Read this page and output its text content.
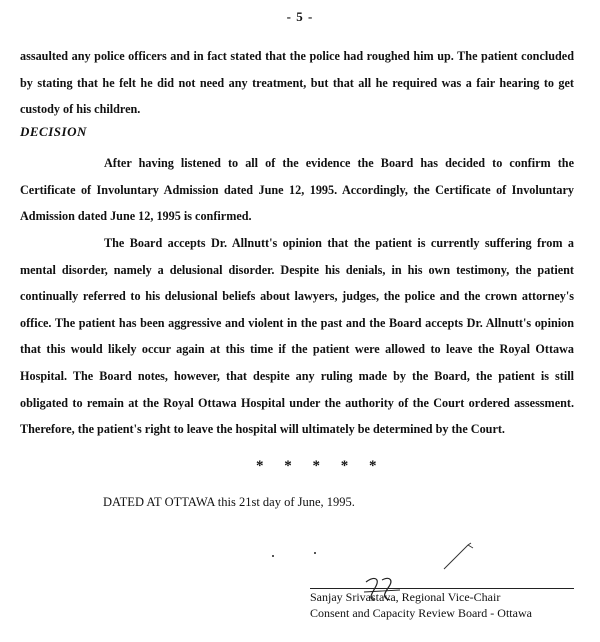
- 5 -

assaulted any police officers and in fact stated that the police had roughed him up. The patient concluded by stating that he felt he did not need any treatment, but that all he required was a fair hearing to get custody of his children.

DECISION

After having listened to all of the evidence the Board has decided to confirm the Certificate of Involuntary Admission dated June 12, 1995. Accordingly, the Certificate of Involuntary Admission dated June 12, 1995 is confirmed.

The Board accepts Dr. Allnutt's opinion that the patient is currently suffering from a mental disorder, namely a delusional disorder. Despite his denials, in his own testimony, the patient continually referred to his delusional beliefs about lawyers, judges, the police and the crown attorney's office. The patient has been aggressive and violent in the past and the Board accepts Dr. Allnutt's opinion that this would likely occur again at this time if the patient were allowed to leave the Royal Ottawa Hospital. The Board notes, however, that despite any ruling made by the Board, the patient is still obligated to remain at the Royal Ottawa Hospital under the authority of the Court ordered assessment. Therefore, the patient's right to leave the hospital will ultimately be determined by the Court.

* * * * *
DATED AT OTTAWA this 21st day of June, 1995.
Sanjay Srivastava, Regional Vice-Chair
Consent and Capacity Review Board - Ottawa
